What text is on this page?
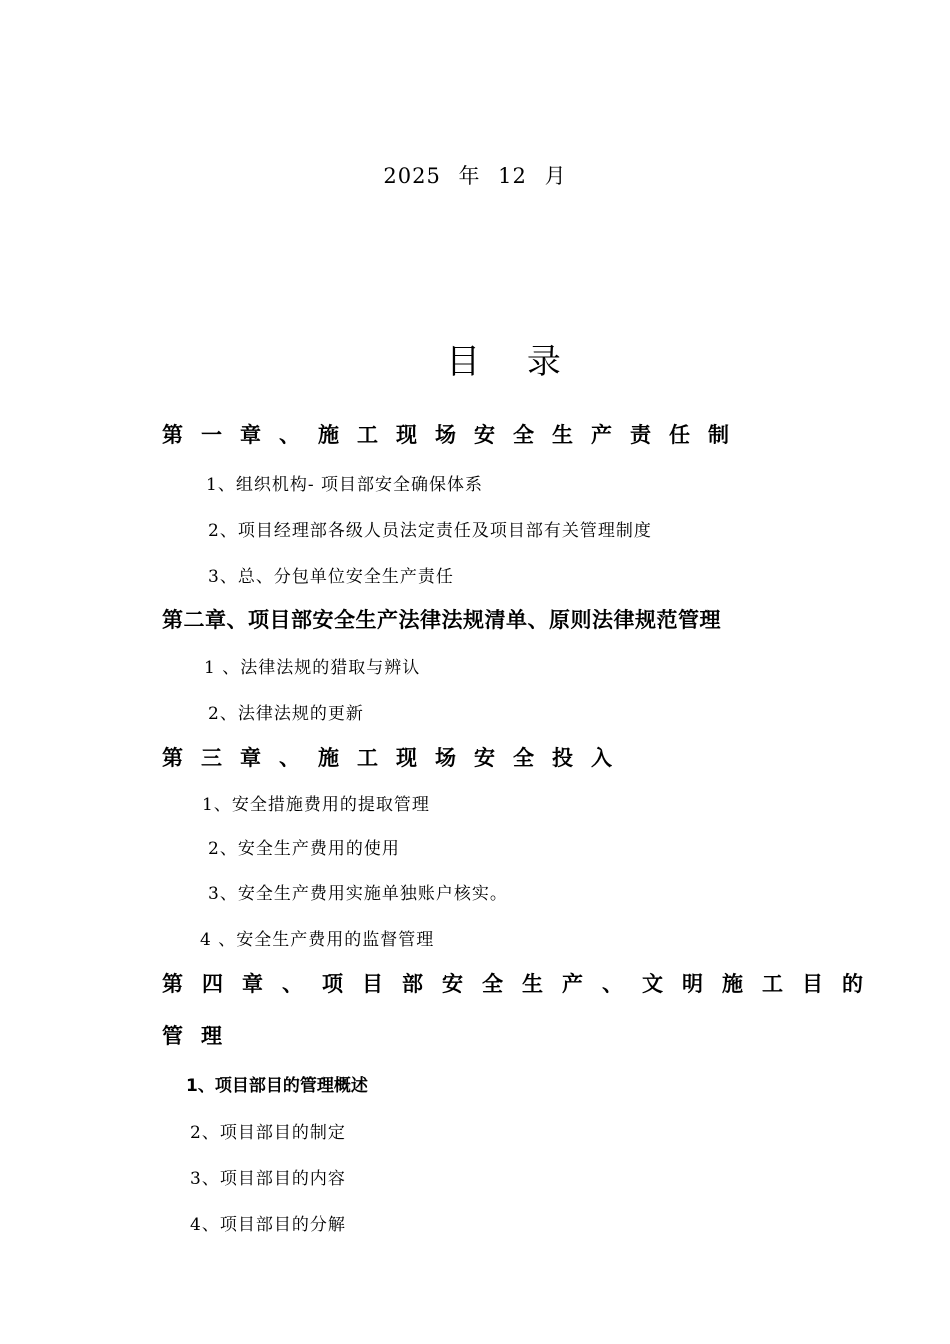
2025 年 12 月
目 录
第一章、施工现场安全生产责任制
1、组织机构- 项目部安全确保体系
2、项目经理部各级人员法定责任及项目部有关管理制度
3、总、分包单位安全生产责任
第二章、项目部安全生产法律法规清单、原则法律规范管理
1 、法律法规的猎取与辨认
2、法律法规的更新
第三章、施工现场安全投入
1、安全措施费用的提取管理
2、安全生产费用的使用
3、安全生产费用实施单独账户核实。
4 、安全生产费用的监督管理
第四章、项目部安全生产、文明施工目的
管理
1、项目部目的管理概述
2、项目部目的制定
3、项目部目的内容
4、项目部目的分解
